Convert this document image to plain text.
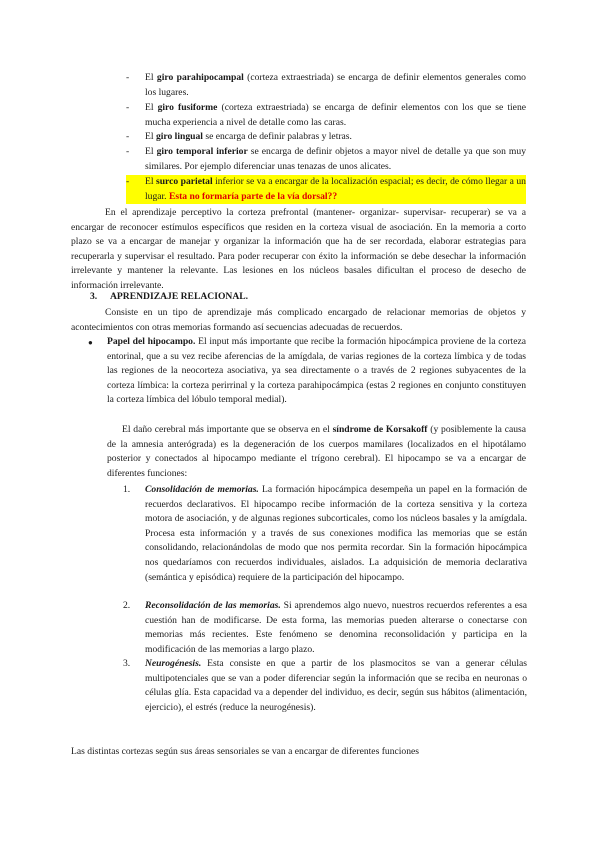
- El giro parahipocampal (corteza extraestriada) se encarga de definir elementos generales como los lugares.
- El giro fusiforme (corteza extraestriada) se encarga de definir elementos con los que se tiene mucha experiencia a nivel de detalle como las caras.
- El giro lingual se encarga de definir palabras y letras.
- El giro temporal inferior se encarga de definir objetos a mayor nivel de detalle ya que son muy similares. Por ejemplo diferenciar unas tenazas de unos alicates.
- El surco parietal inferior se va a encargar de la localización espacial; es decir, de cómo llegar a un lugar. Esta no formaría parte de la vía dorsal??
En el aprendizaje perceptivo la corteza prefrontal (mantener- organizar- supervisar- recuperar) se va a encargar de reconocer estímulos específicos que residen en la corteza visual de asociación. En la memoria a corto plazo se va a encargar de manejar y organizar la información que ha de ser recordada, elaborar estrategias para recuperarla y supervisar el resultado. Para poder recuperar con éxito la información se debe desechar la información irrelevante y mantener la relevante. Las lesiones en los núcleos basales dificultan el proceso de desecho de información irrelevante.
3. APRENDIZAJE RELACIONAL.
Consiste en un tipo de aprendizaje más complicado encargado de relacionar memorias de objetos y acontecimientos con otras memorias formando así secuencias adecuadas de recuerdos.
● Papel del hipocampo. El input más importante que recibe la formación hipocámpica proviene de la corteza entorinal, que a su vez recibe aferencias de la amígdala, de varias regiones de la corteza límbica y de todas las regiones de la neocorteza asociativa, ya sea directamente o a través de 2 regiones subyacentes de la corteza límbica: la corteza perirrinal y la corteza parahipocámpica (estas 2 regiones en conjunto constituyen la corteza límbica del lóbulo temporal medial).
El daño cerebral más importante que se observa en el síndrome de Korsakoff (y posiblemente la causa de la amnesia anterógrada) es la degeneración de los cuerpos mamilares (localizados en el hipotálamo posterior y conectados al hipocampo mediante el trígono cerebral). El hipocampo se va a encargar de diferentes funciones:
1. Consolidación de memorias. La formación hipocámpica desempeña un papel en la formación de recuerdos declarativos. El hipocampo recibe información de la corteza sensitiva y la corteza motora de asociación, y de algunas regiones subcorticales, como los núcleos basales y la amígdala. Procesa esta información y a través de sus conexiones modifica las memorias que se están consolidando, relacionándolas de modo que nos permita recordar. Sin la formación hipocámpica nos quedaríamos con recuerdos individuales, aislados. La adquisición de memoria declarativa (semántica y episódica) requiere de la participación del hipocampo.
2. Reconsolidación de las memorias. Si aprendemos algo nuevo, nuestros recuerdos referentes a esa cuestión han de modificarse. De esta forma, las memorias pueden alterarse o conectarse con memorias más recientes. Este fenómeno se denomina reconsolidación y participa en la modificación de las memorias a largo plazo.
3. Neurogénesis. Esta consiste en que a partir de los plasmocitos se van a generar células multipotenciales que se van a poder diferenciar según la información que se reciba en neuronas o células glía. Esta capacidad va a depender del individuo, es decir, según sus hábitos (alimentación, ejercicio), el estrés (reduce la neurogénesis).
Las distintas cortezas según sus áreas sensoriales se van a encargar de diferentes funciones
